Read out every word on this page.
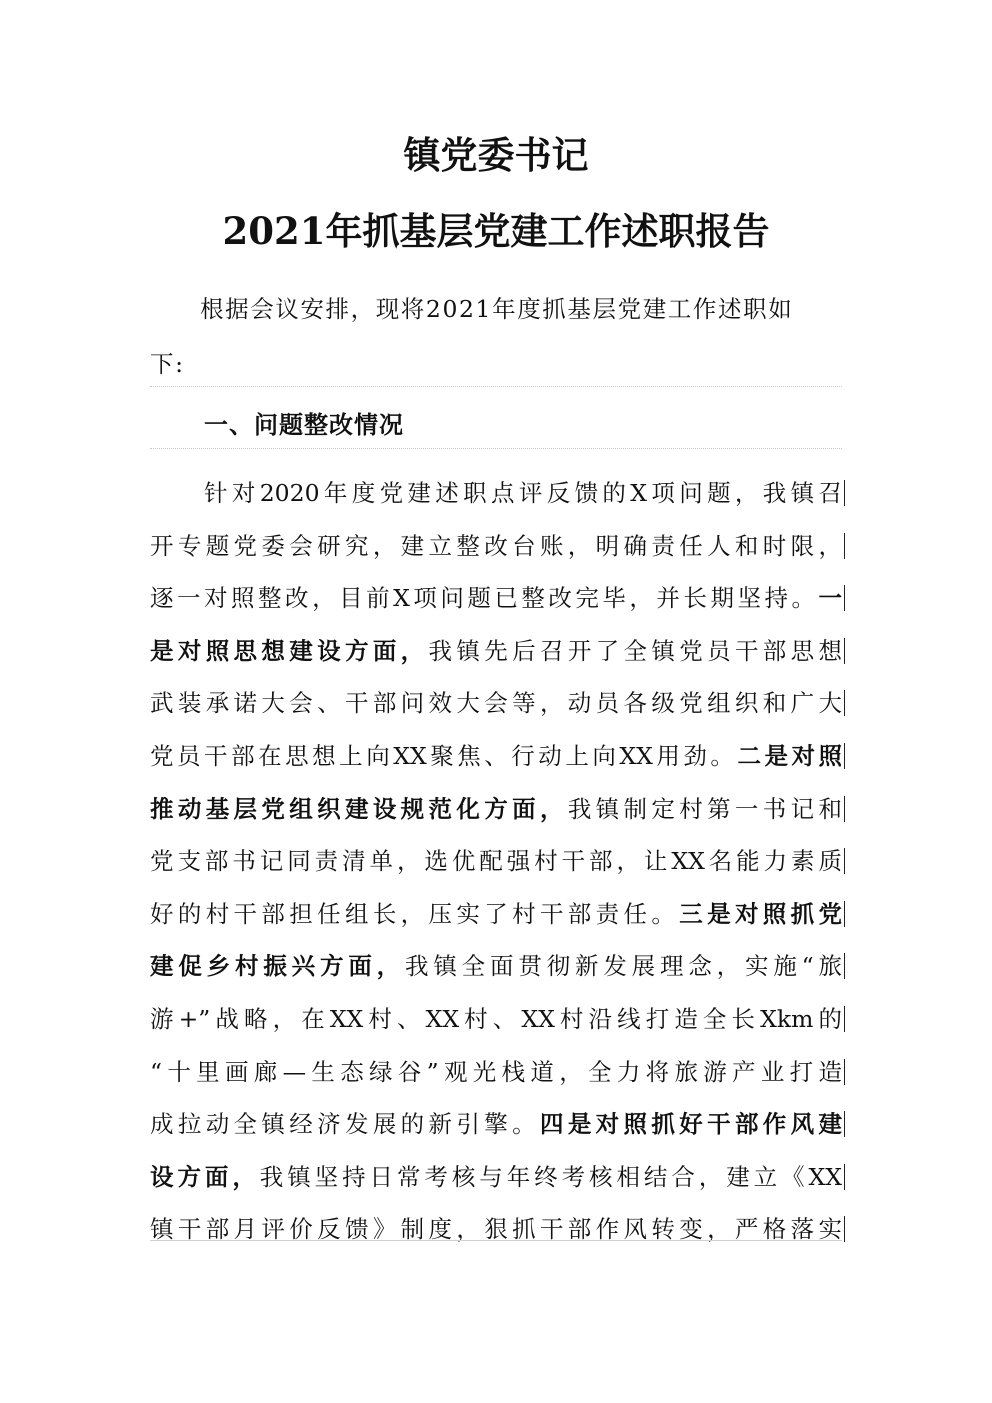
镇党委书记
2021年抓基层党建工作述职报告
根据会议安排，现将2021年度抓基层党建工作述职如
下:
一、问题整改情况
针对2020年度党建述职点评反馈的X项问题，我镇召
开专题党委会研究，建立整改台账，明确责任人和时限，
逐一对照整改，目前X项问题已整改完毕，并长期坚持。一
是对照思想建设方面，我镇先后召开了全镇党员干部思想
武装承诺大会、干部问效大会等，动员各级党组织和广大
党员干部在思想上向XX聚焦、行动上向XX用劲。二是对照
推动基层党组织建设规范化方面，我镇制定村第一书记和
党支部书记同责清单，选优配强村干部，让XX名能力素质
好的村干部担任组长，压实了村干部责任。三是对照抓党
建促乡村振兴方面，我镇全面贯彻新发展理念，实施“旅
游+”战略，在XX村、XX村、XX村沿线打造全长Xkm的
“十里画廊—生态绿谷”观光栈道，全力将旅游产业打造
成拉动全镇经济发展的新引擎。四是对照抓好干部作风建
设方面，我镇坚持日常考核与年终考核相结合，建立《XX
镇干部月评价反馈》制度，狠抓干部作风转变，严格落实
